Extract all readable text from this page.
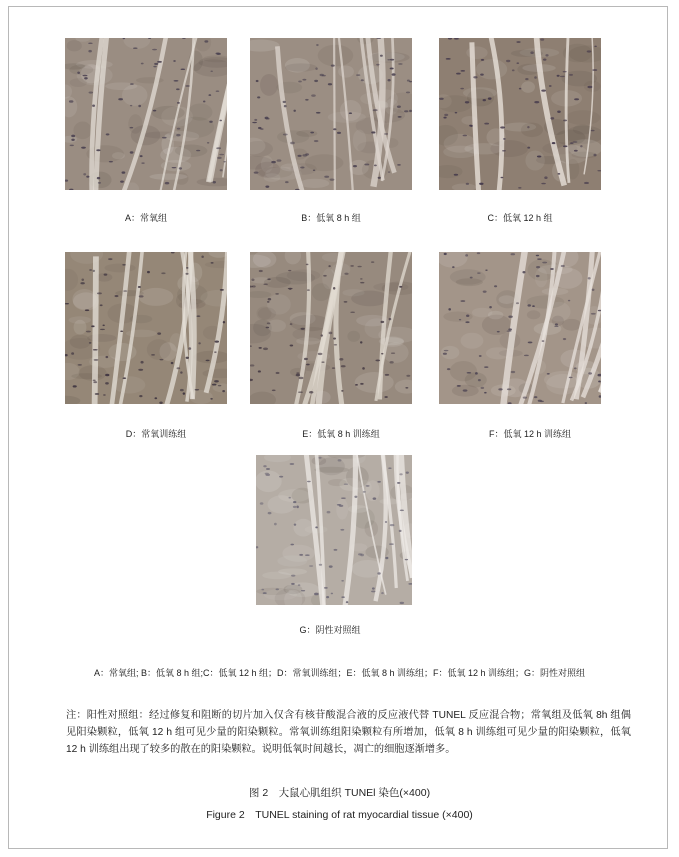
A：常氧组	B：低氧 8 h 组	C：低氧 12 h 组
D：常氧训练组	E：低氧 8 h 训练组	F：低氧 12 h 训练组
G：阴性对照组
A：常氧组; B：低氧 8 h 组;C：低氧 12 h 组；D：常氧训练组；E：低氧 8 h 训练组；F：低氧 12 h 训练组；G：阴性对照组
注：阳性对照组：经过修复和阻断的切片加入仅含有核苷酸混合液的反应液代替 TUNEL 反应混合物；常氧组及低氧 8h 组偶见阳染颗粒，低氧 12 h 组可见少量的阳染颗粒。常氧训练组阳染颗粒有所增加，低氧 8 h 训练组可见少量的阳染颗粒，低氧 12 h 训练组出现了较多的散在的阳染颗粒。说明低氧时间越长，凋亡的细胞逐渐增多。
图 2　大鼠心肌组织 TUNEl 染色(×400)
Figure 2　TUNEL staining of rat myocardial tissue (×400)
